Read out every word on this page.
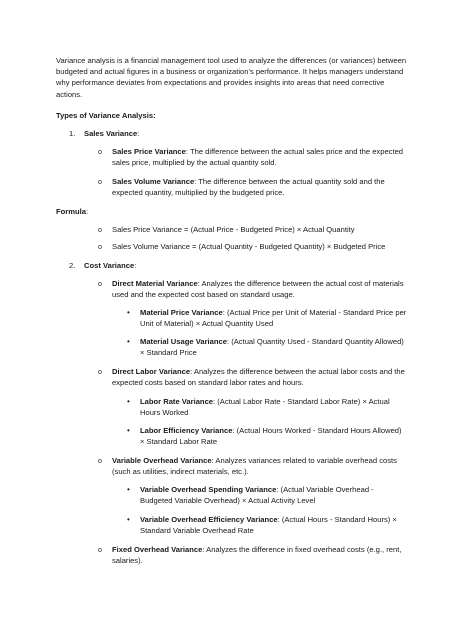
Variance analysis is a financial management tool used to analyze the differences (or variances) between budgeted and actual figures in a business or organization's performance. It helps managers understand why performance deviates from expectations and provides insights into areas that need corrective actions.
Types of Variance Analysis:
1. Sales Variance:
o Sales Price Variance: The difference between the actual sales price and the expected sales price, multiplied by the actual quantity sold.
o Sales Volume Variance: The difference between the actual quantity sold and the expected quantity, multiplied by the budgeted price.
Formula:
o Sales Price Variance = (Actual Price - Budgeted Price) × Actual Quantity
o Sales Volume Variance = (Actual Quantity - Budgeted Quantity) × Budgeted Price
2. Cost Variance:
o Direct Material Variance: Analyzes the difference between the actual cost of materials used and the expected cost based on standard usage.
• Material Price Variance: (Actual Price per Unit of Material - Standard Price per Unit of Material) × Actual Quantity Used
• Material Usage Variance: (Actual Quantity Used - Standard Quantity Allowed) × Standard Price
o Direct Labor Variance: Analyzes the difference between the actual labor costs and the expected costs based on standard labor rates and hours.
• Labor Rate Variance: (Actual Labor Rate - Standard Labor Rate) × Actual Hours Worked
• Labor Efficiency Variance: (Actual Hours Worked - Standard Hours Allowed) × Standard Labor Rate
o Variable Overhead Variance: Analyzes variances related to variable overhead costs (such as utilities, indirect materials, etc.).
• Variable Overhead Spending Variance: (Actual Variable Overhead - Budgeted Variable Overhead) × Actual Activity Level
• Variable Overhead Efficiency Variance: (Actual Hours - Standard Hours) × Standard Variable Overhead Rate
o Fixed Overhead Variance: Analyzes the difference in fixed overhead costs (e.g., rent, salaries).
